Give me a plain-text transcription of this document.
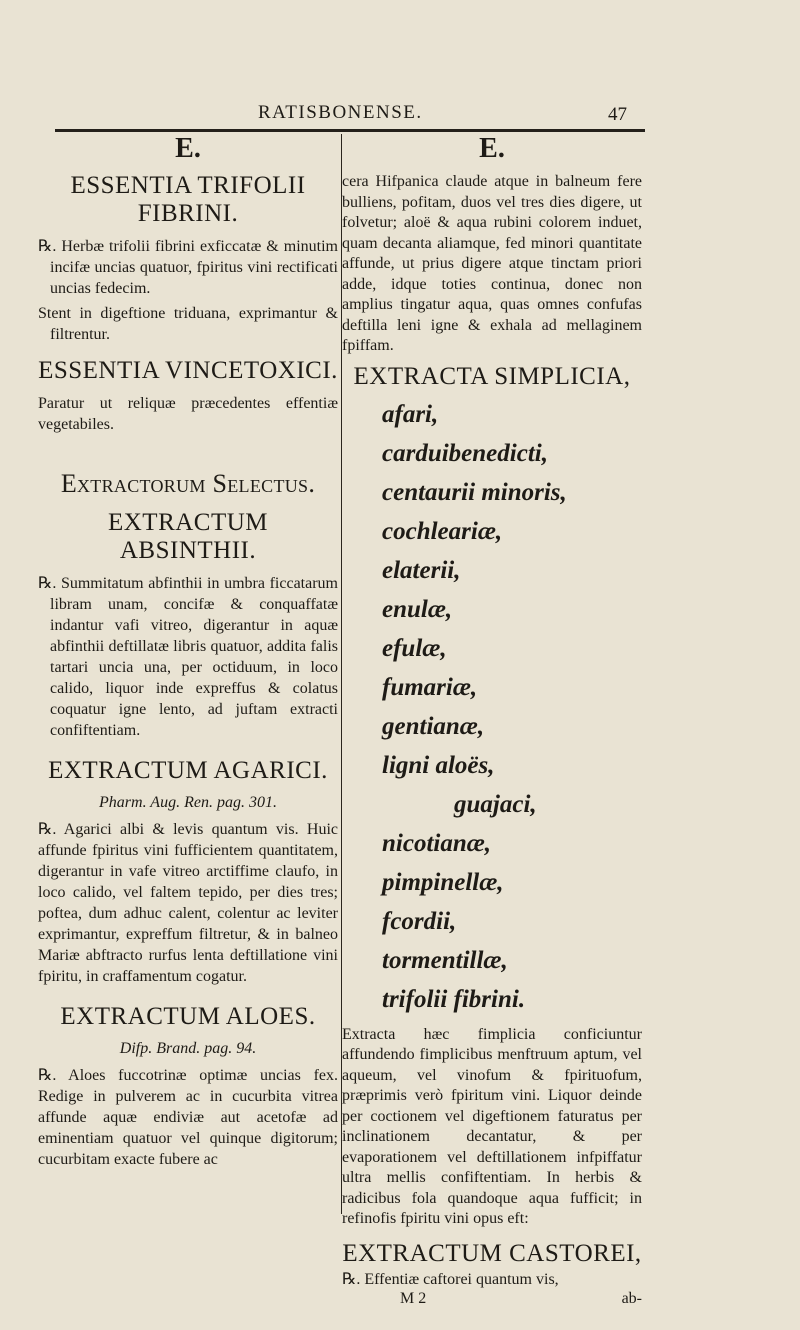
RATISBONENSE.	47
E.
ESSENTIA TRIFOLII FIBRINI.

℞. Herbæ trifolii fibrini exficcatæ & minutim incifæ uncias quatuor, fpiritus vini rectificati uncias fedecim.

Stent in digeftione triduana, exprimantur & filtrentur.

ESSENTIA VINCETOXICI.

Paratur ut reliquæ præcedentes effentiæ vegetabiles.

Extractorum Selectus.
EXTRACTUM ABSINTHII.

℞. Summitatum abfinthii in umbra ficcatarum libram unam, concifæ & conquaffatæ indantur vafi vitreo, digerantur in aquæ abfinthii deftillatæ libris quatuor, addita falis tartari uncia una, per octiduum, in loco calido, liquor inde expreffus & colatus coquatur igne lento, ad juftam extracti confiftentiam.

EXTRACTUM AGARICI.
Pharm. Aug. Ren. pag. 301.

℞. Agarici albi & levis quantum vis. Huic affunde fpiritus vini fufficientem quantitatem, digerantur in vafe vitreo arctiffime claufo, in loco calido, vel faltem tepido, per dies tres; poftea, dum adhuc calent, colentur ac leviter exprimantur, expreffum filtretur, & in balneo Mariæ abftracto rurfus lenta deftillatione vini fpiritu, in craffamentum cogatur.

EXTRACTUM ALOES.
Difp. Brand. pag. 94.

℞. Aloes fuccotrinæ optimæ uncias fex. Redige in pulverem ac in cucurbita vitrea affunde aquæ endiviæ aut acetofæ ad eminentiam quatuor vel quinque digitorum; cucurbitam exacte fubere ac

E.

cera Hifpanica claude atque in balneum fere bulliens, pofitam, duos vel tres dies digere, ut folvetur; aloë & aqua rubini colorem induet, quam decanta aliamque, fed minori quantitate affunde, ut prius digere atque tinctam priori adde, idque toties continua, donec non amplius tingatur aqua, quas omnes confufas deftilla leni igne & exhala ad mellaginem fpiffam.

EXTRACTA SIMPLICIA,
afari,
carduibenedicti,
centaurii minoris,
cochleariæ,
elaterii,
enulæ,
efulæ,
fumariæ,
gentianæ,
ligni aloës,
guajaci,
nicotianæ,
pimpinellæ,
fcordii,
tormentillæ,
trifolii fibrini.

Extracta hæc fimplicia conficiuntur affundendo fimplicibus menftruum aptum, vel aqueum, vel vinofum & fpirituofum, præprimis verò fpiritum vini. Liquor deinde per coctionem vel digeftionem faturatus per inclinationem decantatur, & per evaporationem vel deftillationem infpiffatur ultra mellis confiftentiam. In herbis & radicibus fola quandoque aqua fufficit; in refinofis fpiritu vini opus eft:

EXTRACTUM CASTOREI,

℞. Effentiæ caftorei quantum vis,

M 2	ab-
